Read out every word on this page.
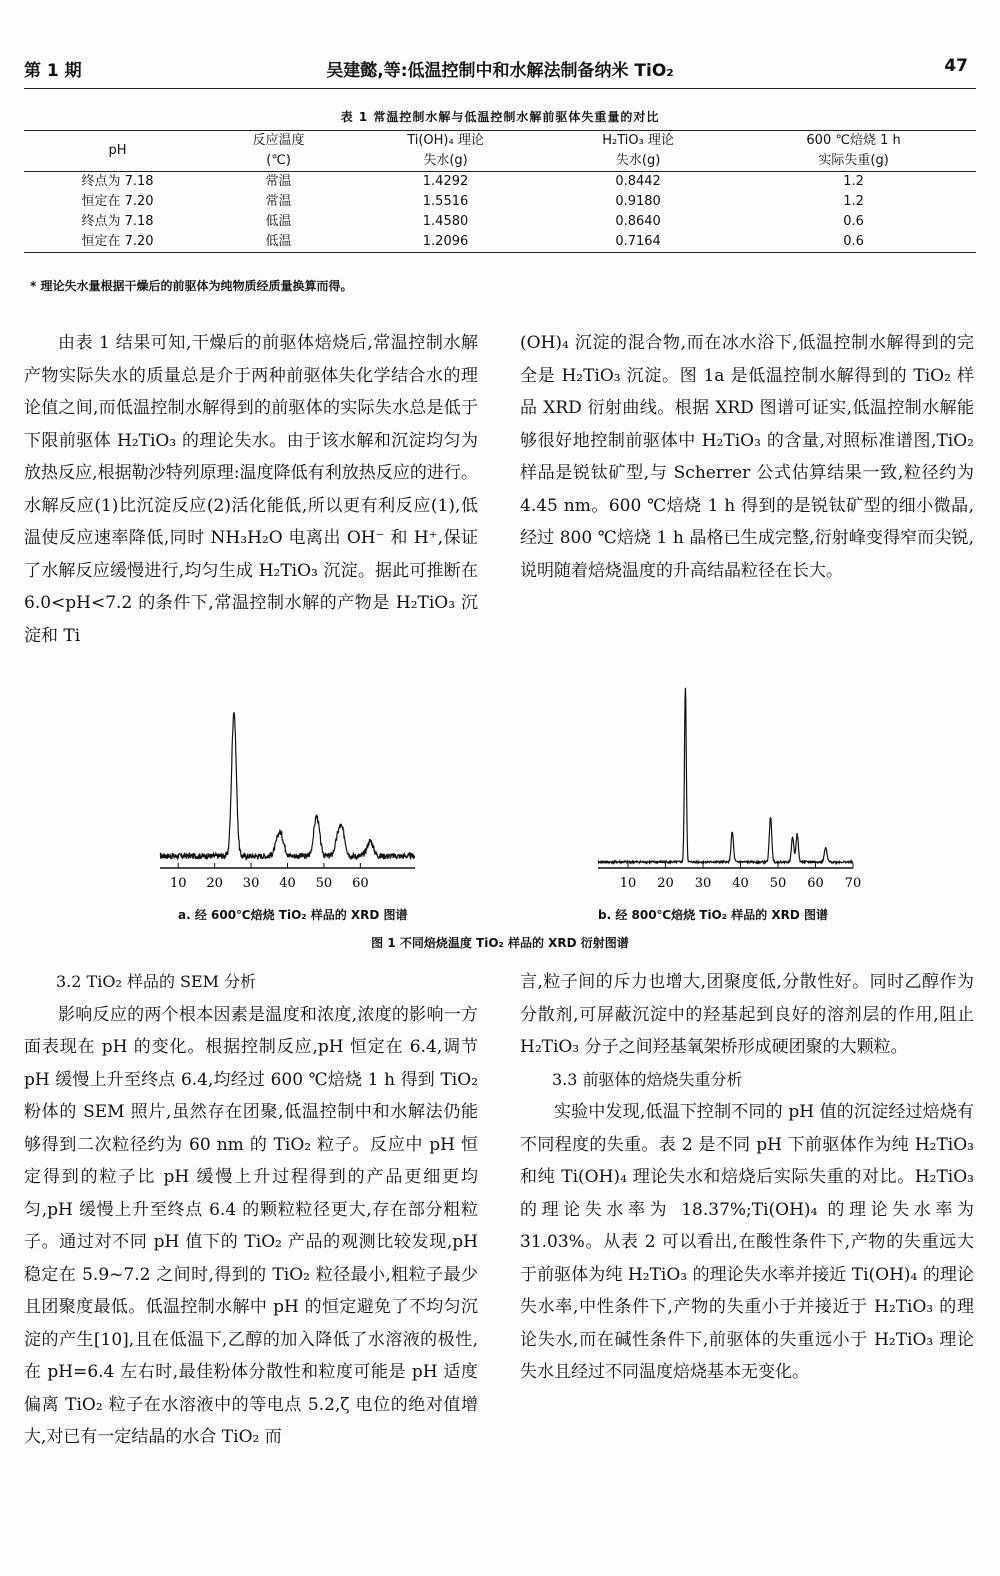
第 1 期	吴建懿,等:低温控制中和水解法制备纳米 TiO₂	47
表 1 常温控制水解与低温控制水解前驱体失重量的对比
pH	反应温度	Ti(OH)₄ 理论	H₂TiO₃ 理论	600 ℃焙烧 1 h
	(℃)	失水(g)	失水(g)	实际失重(g)
终点为 7.18	常温	1.4292	0.8442	1.2
恒定在 7.20	常温	1.5516	0.9180	1.2
终点为 7.18	低温	1.4580	0.8640	0.6
恒定在 7.20	低温	1.2096	0.7164	0.6
* 理论失水量根据干燥后的前驱体为纯物质经质量换算而得。

由表 1 结果可知,干燥后的前驱体焙烧后,常温控制水解产物实际失水的质量总是介于两种前驱体失化学结合水的理论值之间,而低温控制水解得到的前驱体的实际失水总是低于下限前驱体 H₂TiO₃ 的理论失水。由于该水解和沉淀均匀为放热反应,根据勒沙特列原理:温度降低有利放热反应的进行。水解反应(1)比沉淀反应(2)活化能低,所以更有利反应(1),低温使反应速率降低,同时 NH₃H₂O 电离出 OH⁻ 和 H⁺,保证了水解反应缓慢进行,均匀生成 H₂TiO₃ 沉淀。据此可推断在 6.0<pH<7.2 的条件下,常温控制水解的产物是 H₂TiO₃ 沉淀和 Ti

(OH)₄ 沉淀的混合物,而在冰水浴下,低温控制水解得到的完全是 H₂TiO₃ 沉淀。图 1a 是低温控制水解得到的 TiO₂ 样品 XRD 衍射曲线。根据 XRD 图谱可证实,低温控制水解能够很好地控制前驱体中 H₂TiO₃ 的含量,对照标准谱图,TiO₂ 样品是锐钛矿型,与 Scherrer 公式估算结果一致,粒径约为 4.45 nm。600 ℃焙烧 1 h 得到的是锐钛矿型的细小微晶,经过 800 ℃焙烧 1 h 晶格已生成完整,衍射峰变得窄而尖锐,说明随着焙烧温度的升高结晶粒径在长大。

10 20 30 40 50 60
a. 经 600℃焙烧 TiO₂ 样品的 XRD 图谱
10 20 30 40 50 60 70
b. 经 800℃焙烧 TiO₂ 样品的 XRD 图谱
图 1 不同焙烧温度 TiO₂ 样品的 XRD 衍射图谱

3.2 TiO₂ 样品的 SEM 分析

影响反应的两个根本因素是温度和浓度,浓度的影响一方面表现在 pH 的变化。根据控制反应,pH 恒定在 6.4,调节 pH 缓慢上升至终点 6.4,均经过 600 ℃焙烧 1 h 得到 TiO₂ 粉体的 SEM 照片,虽然存在团聚,低温控制中和水解法仍能够得到二次粒径约为 60 nm 的 TiO₂ 粒子。反应中 pH 恒定得到的粒子比 pH 缓慢上升过程得到的产品更细更均匀,pH 缓慢上升至终点 6.4 的颗粒粒径更大,存在部分粗粒子。通过对不同 pH 值下的 TiO₂ 产品的观测比较发现,pH 稳定在 5.9~7.2 之间时,得到的 TiO₂ 粒径最小,粗粒子最少且团聚度最低。低温控制水解中 pH 的恒定避免了不均匀沉淀的产生[10],且在低温下,乙醇的加入降低了水溶液的极性,在 pH=6.4 左右时,最佳粉体分散性和粒度可能是 pH 适度偏离 TiO₂ 粒子在水溶液中的等电点 5.2,ζ 电位的绝对值增大,对已有一定结晶的水合 TiO₂ 而

言,粒子间的斥力也增大,团聚度低,分散性好。同时乙醇作为分散剂,可屏蔽沉淀中的羟基起到良好的溶剂层的作用,阻止 H₂TiO₃ 分子之间羟基氧架桥形成硬团聚的大颗粒。

3.3 前驱体的焙烧失重分析

实验中发现,低温下控制不同的 pH 值的沉淀经过焙烧有不同程度的失重。表 2 是不同 pH 下前驱体作为纯 H₂TiO₃ 和纯 Ti(OH)₄ 理论失水和焙烧后实际失重的对比。H₂TiO₃ 的理论失水率为 18.37%;Ti(OH)₄ 的理论失水率为 31.03%。从表 2 可以看出,在酸性条件下,产物的失重远大于前驱体为纯 H₂TiO₃ 的理论失水率并接近 Ti(OH)₄ 的理论失水率,中性条件下,产物的失重小于并接近于 H₂TiO₃ 的理论失水,而在碱性条件下,前驱体的失重远小于 H₂TiO₃ 理论失水且经过不同温度焙烧基本无变化。
